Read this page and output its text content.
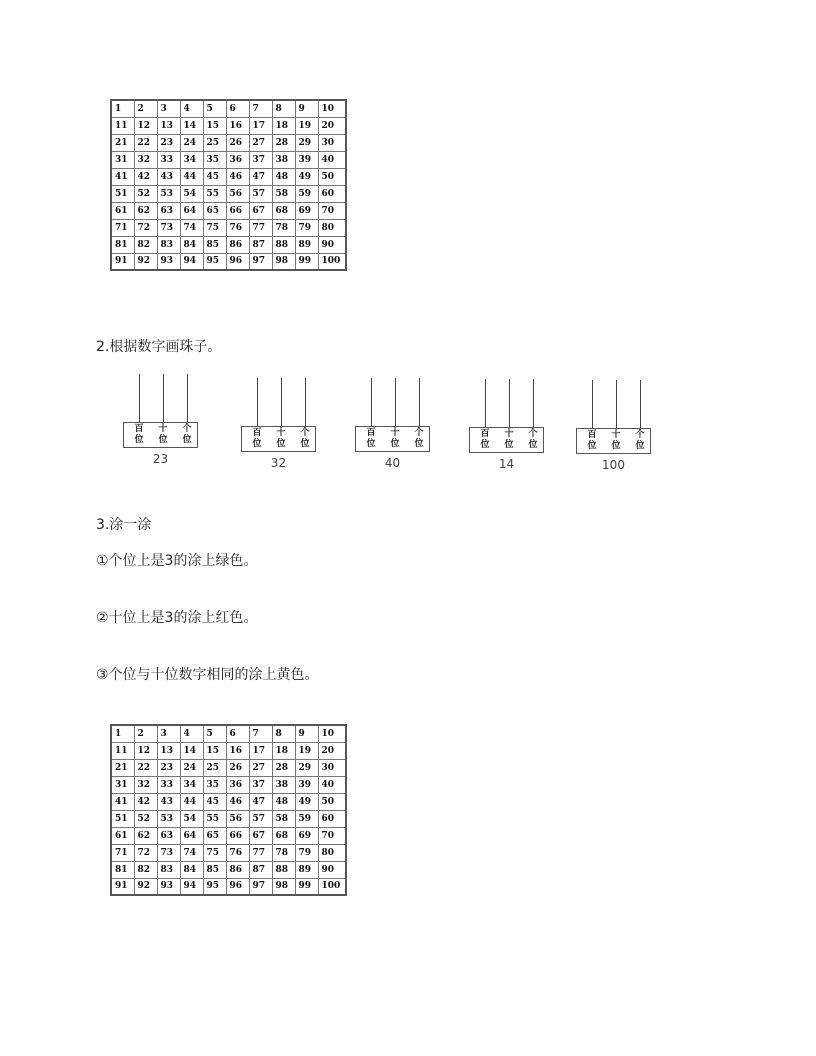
1	2	3	4	5	6	7	8	9	10
11	12	13	14	15	16	17	18	19	20
21	22	23	24	25	26	27	28	29	30
31	32	33	34	35	36	37	38	39	40
41	42	43	44	45	46	47	48	49	50
51	52	53	54	55	56	57	58	59	60
61	62	63	64	65	66	67	68	69	70
71	72	73	74	75	76	77	78	79	80
81	82	83	84	85	86	87	88	89	90
91	92	93	94	95	96	97	98	99	100

2.根据数字画珠子。

百
位
十
位
个
位
23
百
位
十
位
个
位
32
百
位
十
位
个
位
40
百
位
十
位
个
位
14
百
位
十
位
个
位
100

3.涂一涂

①个位上是3的涂上绿色。

②十位上是3的涂上红色。

③个位与十位数字相同的涂上黄色。

1	2	3	4	5	6	7	8	9	10
11	12	13	14	15	16	17	18	19	20
21	22	23	24	25	26	27	28	29	30
31	32	33	34	35	36	37	38	39	40
41	42	43	44	45	46	47	48	49	50
51	52	53	54	55	56	57	58	59	60
61	62	63	64	65	66	67	68	69	70
71	72	73	74	75	76	77	78	79	80
81	82	83	84	85	86	87	88	89	90
91	92	93	94	95	96	97	98	99	100
